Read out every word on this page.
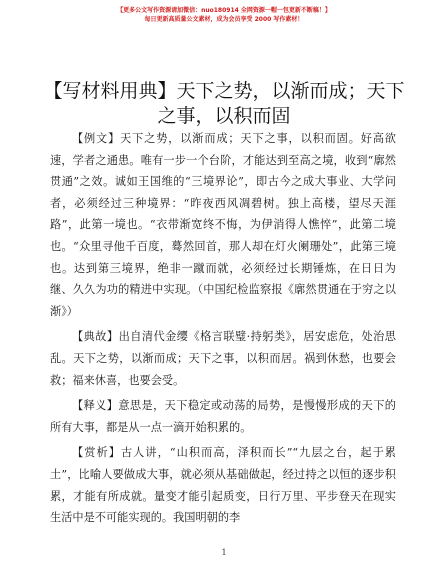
【更多公文写作资源请加微信：nuo180914 全网资源一帽一包更新不断稿！】
每日更新高质量公文素材，成为会员享受 2000 写作素材！
【写材料用典】天下之势，以渐而成；天下之事，以积而固

【例文】天下之势，以渐而成；天下之事，以积而固。好高欲速，学者之通患。唯有一步一个台阶，才能达到至高之境，收到“廓然贯通”之效。诚如王国维的“三境界论”，即古今之成大事业、大学问者，必须经过三种境界：“昨夜西风凋碧树。独上高楼，望尽天涯路”，此第一境也。“衣带渐宽终不悔，为伊消得人憔悴”，此第二境也。“众里寻他千百度，蓦然回首，那人却在灯火阑珊处”，此第三境也。达到第三境界，绝非一蹴而就，必须经过长期锤炼，在日日为继、久久为功的精进中实现。（中国纪检监察报《廓然贯通在于穷之以渐》）

【典故】出自清代金缨《格言联璧·持躬类》，居安虑危，处治思乱。天下之势，以渐而成；天下之事，以积而居。祸到休愁，也要会救；福来休喜，也要会受。

【释义】意思是，天下稳定或动荡的局势，是慢慢形成的天下的所有大事，都是从一点一滴开始积累的。

【赏析】古人讲，“山积而高，泽积而长”“九层之台，起于累土”，比喻人要做成大事，就必须从基础做起，经过持之以恒的逐步积累，才能有所成就。量变才能引起质变，日行万里、平步登天在现实生活中是不可能实现的。我国明朝的李

1
